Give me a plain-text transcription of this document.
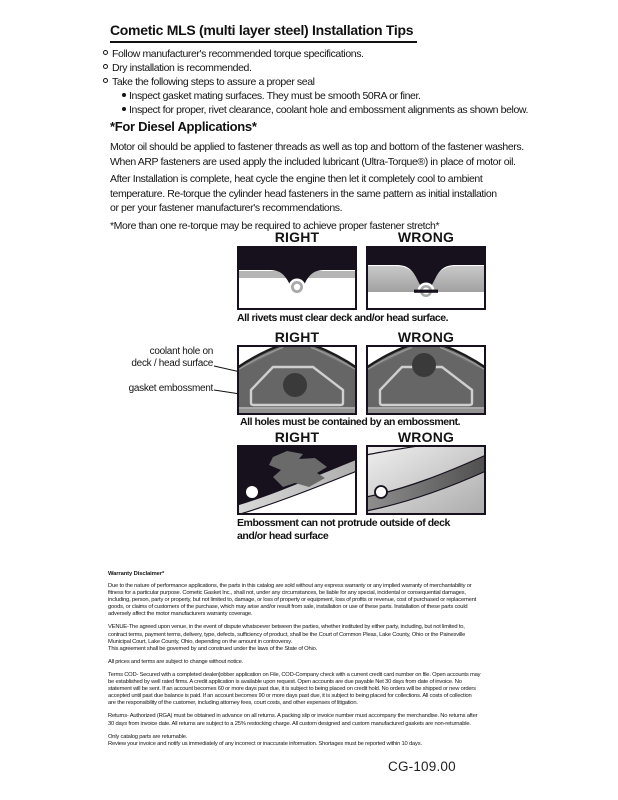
Cometic MLS (multi layer steel) Installation Tips
Follow manufacturer's recommended torque specifications.
Dry installation is recommended.
Take the following steps to assure a proper seal
Inspect gasket mating surfaces. They must be smooth 50RA or finer.
Inspect for proper, rivet clearance, coolant hole and embossment alignments as shown below.
*For Diesel Applications*
Motor oil should be applied to fastener threads as well as top and bottom of the fastener washers.
When ARP fasteners are used apply the included lubricant (Ultra-Torque®) in place of motor oil.
After Installation is complete, heat cycle the engine then let it completely cool to ambient
temperature. Re-torque the cylinder head fasteners in the same pattern as initial installation
or per your fastener manufacturer's recommendations.
*More than one re-torque may be required to achieve proper fastener stretch*
RIGHT	WRONG
All rivets must clear deck and/or head surface.
RIGHT	WRONG
coolant hole on
deck / head surface
gasket embossment
All holes must be contained by an embossment.
RIGHT	WRONG
Embossment can not protrude outside of deck
and/or head surface
Warranty Disclaimer*

Due to the nature of performance applications, the parts in this catalog are sold without any express warranty or any implied warranty of merchantability or
fitness for a particular purpose. Cometic Gasket Inc., shall not, under any circumstances, be liable for any special, incidental or consequential damages,
including, person, party or property, but not limited to, damage, or loss of property or equipment, loss of profits or revenue, cost of purchased or replacement
goods, or claims of customers of the purchase, which may arise and/or result from sale, installation or use of these parts. Installation of these parts could
adversely affect the motor manufacturers warranty coverage.

VENUE-The agreed upon venue, in the event of dispute whatsoever between the parties, whether instituted by either party, including, but not limited to,
contract terms, payment terms, delivery, type, defects, sufficiency of product, shall be the Court of Common Pleas, Lake County, Ohio or the Painesville
Municipal Court, Lake County, Ohio, depending on the amount in controversy.

This agreement shall be governed by and construed under the laws of the State of Ohio.

All prices and terms are subject to change without notice.

Terms COD- Secured with a completed dealer/jobber application on File, COD-Company check with a current credit card number on file. Open accounts may
be established by well rated firms. A credit application is available upon request. Open accounts are due payable Net 30 days from date of invoice. No
statement will be sent. If an account becomes 60 or more days past due, it is subject to being placed on credit hold. No orders will be shipped or new orders
accepted until past due balance is paid. If an account becomes 90 or more days past due, it is subject to being placed for collections. All costs of collection
are the responsibility of the customer, including attorney fees, court costs, and other expenses of litigation.

Returns- Authorized (RGA) must be obtained in advance on all returns. A packing slip or invoice number must accompany the merchandise. No returns after
30 days from invoice date. All returns are subject to a 25% restocking charge. All custom designed and custom manufactured gaskets are non-returnable.

Only catalog parts are returnable.

Review your invoice and notify us immediately of any incorrect or inaccurate information. Shortages must be reported within 10 days.

CG-109.00
